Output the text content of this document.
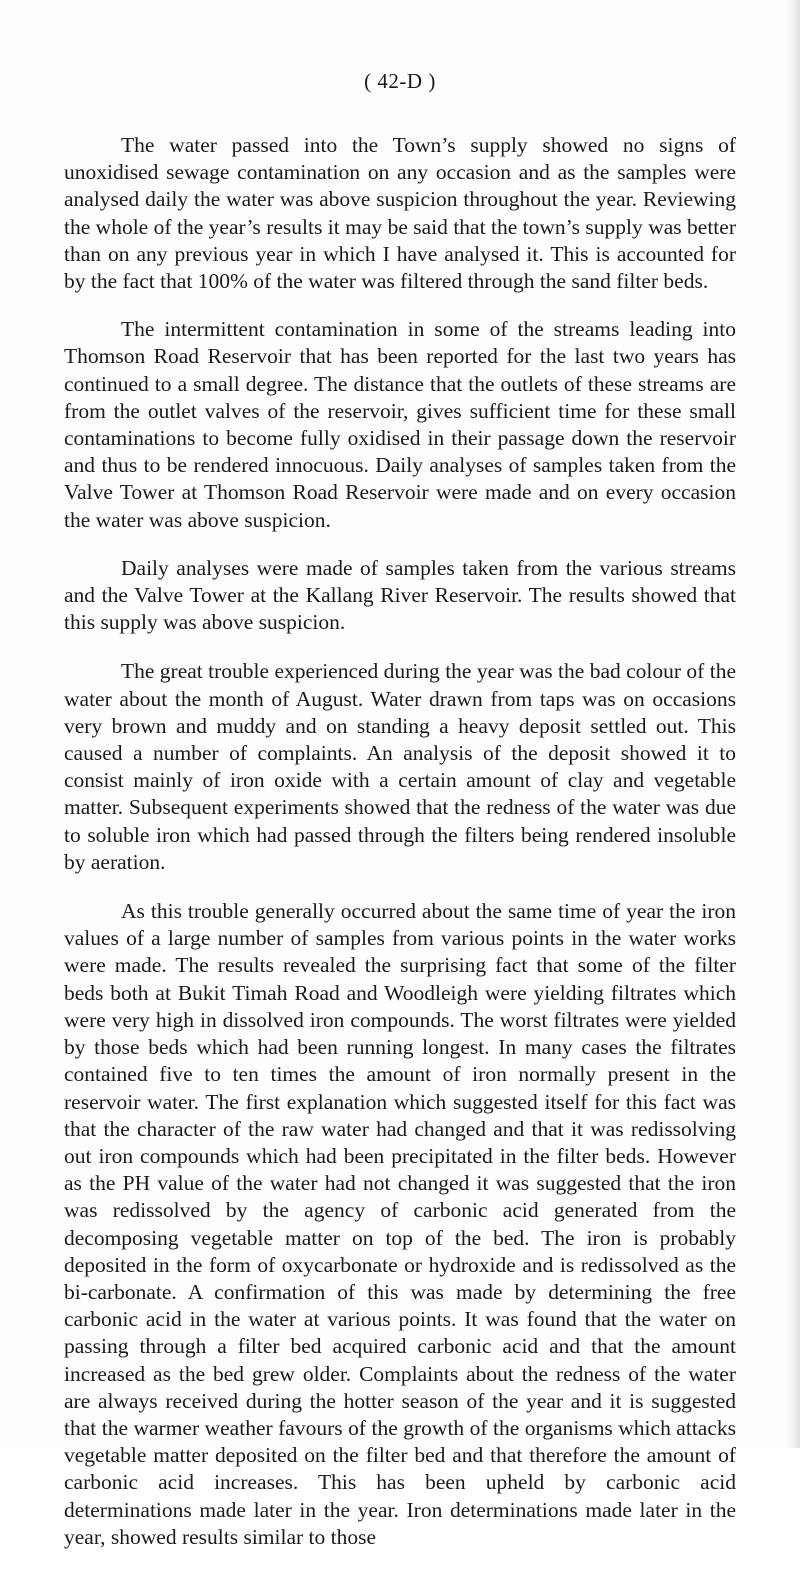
( 42-D )

The water passed into the Town’s supply showed no signs of unoxidised sewage contamination on any occasion and as the samples were analysed daily the water was above suspicion throughout the year. Reviewing the whole of the year’s results it may be said that the town’s supply was better than on any previous year in which I have analysed it. This is accounted for by the fact that 100% of the water was filtered through the sand filter beds.

The intermittent contamination in some of the streams leading into Thomson Road Reservoir that has been reported for the last two years has continued to a small degree. The distance that the outlets of these streams are from the outlet valves of the reservoir, gives sufficient time for these small contaminations to become fully oxidised in their passage down the reservoir and thus to be rendered innocuous. Daily analyses of samples taken from the Valve Tower at Thomson Road Reservoir were made and on every occasion the water was above suspicion.

Daily analyses were made of samples taken from the various streams and the Valve Tower at the Kallang River Reservoir. The results showed that this supply was above suspicion.

The great trouble experienced during the year was the bad colour of the water about the month of August. Water drawn from taps was on occasions very brown and muddy and on standing a heavy deposit settled out. This caused a number of complaints. An analysis of the deposit showed it to consist mainly of iron oxide with a certain amount of clay and vegetable matter. Subsequent experiments showed that the redness of the water was due to soluble iron which had passed through the filters being rendered insoluble by aeration.

As this trouble generally occurred about the same time of year the iron values of a large number of samples from various points in the water works were made. The results revealed the surprising fact that some of the filter beds both at Bukit Timah Road and Woodleigh were yielding filtrates which were very high in dissolved iron compounds. The worst filtrates were yielded by those beds which had been running longest. In many cases the filtrates contained five to ten times the amount of iron normally present in the reservoir water. The first explanation which suggested itself for this fact was that the character of the raw water had changed and that it was redissolving out iron compounds which had been precipitated in the filter beds. However as the PH value of the water had not changed it was suggested that the iron was redissolved by the agency of carbonic acid generated from the decomposing vegetable matter on top of the bed. The iron is probably deposited in the form of oxycarbonate or hydroxide and is redissolved as the bi-carbonate. A confirmation of this was made by determining the free carbonic acid in the water at various points. It was found that the water on passing through a filter bed acquired carbonic acid and that the amount increased as the bed grew older. Complaints about the redness of the water are always received during the hotter season of the year and it is suggested that the warmer weather favours of the growth of the organisms which attacks vegetable matter deposited on the filter bed and that therefore the amount of carbonic acid increases. This has been upheld by carbonic acid determinations made later in the year. Iron determinations made later in the year, showed results similar to those
